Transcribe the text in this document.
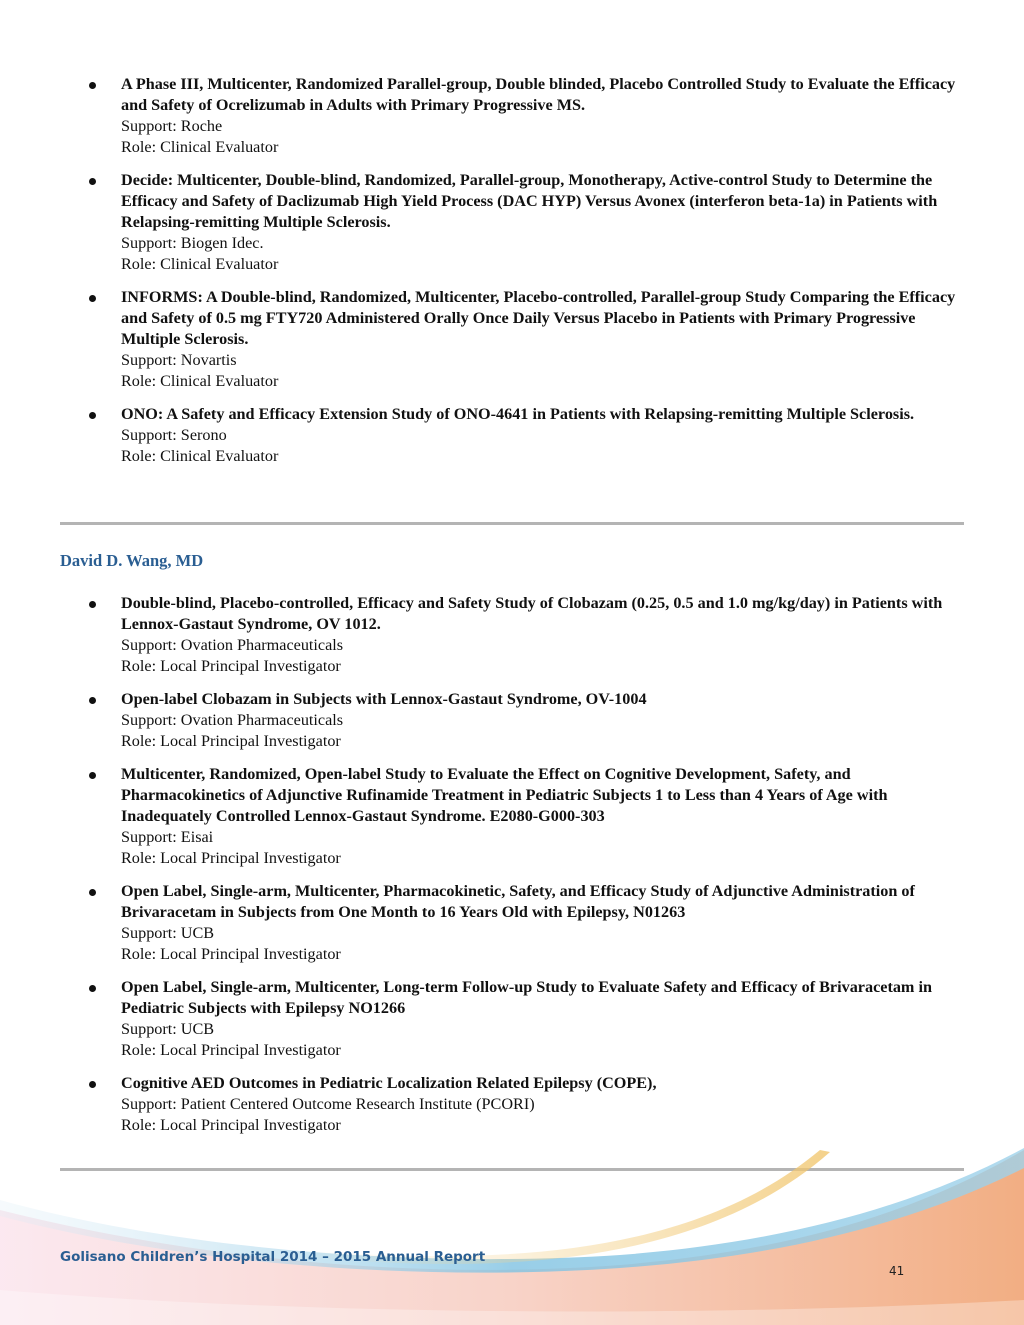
A Phase III, Multicenter, Randomized Parallel-group, Double blinded, Placebo Controlled Study to Evaluate the Efficacy and Safety of Ocrelizumab in Adults with Primary Progressive MS.
Support: Roche
Role: Clinical Evaluator
Decide: Multicenter, Double-blind, Randomized, Parallel-group, Monotherapy, Active-control Study to Determine the Efficacy and Safety of Daclizumab High Yield Process (DAC HYP) Versus Avonex (interferon beta-1a) in Patients with Relapsing-remitting Multiple Sclerosis.
Support: Biogen Idec.
Role: Clinical Evaluator
INFORMS: A Double-blind, Randomized, Multicenter, Placebo-controlled, Parallel-group Study Comparing the Efficacy and Safety of 0.5 mg FTY720 Administered Orally Once Daily Versus Placebo in Patients with Primary Progressive Multiple Sclerosis.
Support: Novartis
Role: Clinical Evaluator
ONO: A Safety and Efficacy Extension Study of ONO-4641 in Patients with Relapsing-remitting Multiple Sclerosis.
Support: Serono
Role: Clinical Evaluator
David D. Wang, MD
Double-blind, Placebo-controlled, Efficacy and Safety Study of Clobazam (0.25, 0.5 and 1.0 mg/kg/day) in Patients with Lennox-Gastaut Syndrome, OV 1012.
Support: Ovation Pharmaceuticals
Role: Local Principal Investigator
Open-label Clobazam in Subjects with Lennox-Gastaut Syndrome, OV-1004
Support: Ovation Pharmaceuticals
Role: Local Principal Investigator
Multicenter, Randomized, Open-label Study to Evaluate the Effect on Cognitive Development, Safety, and Pharmacokinetics of Adjunctive Rufinamide Treatment in Pediatric Subjects 1 to Less than 4 Years of Age with Inadequately Controlled Lennox-Gastaut Syndrome. E2080-G000-303
Support: Eisai
Role: Local Principal Investigator
Open Label, Single-arm, Multicenter, Pharmacokinetic, Safety, and Efficacy Study of Adjunctive Administration of Brivaracetam in Subjects from One Month to 16 Years Old with Epilepsy, N01263
Support: UCB
Role: Local Principal Investigator
Open Label, Single-arm, Multicenter, Long-term Follow-up Study to Evaluate Safety and Efficacy of Brivaracetam in Pediatric Subjects with Epilepsy NO1266
Support: UCB
Role: Local Principal Investigator
Cognitive AED Outcomes in Pediatric Localization Related Epilepsy (COPE),
Support: Patient Centered Outcome Research Institute (PCORI)
Role: Local Principal Investigator
Golisano Children’s Hospital 2014 – 2015 Annual Report
41
